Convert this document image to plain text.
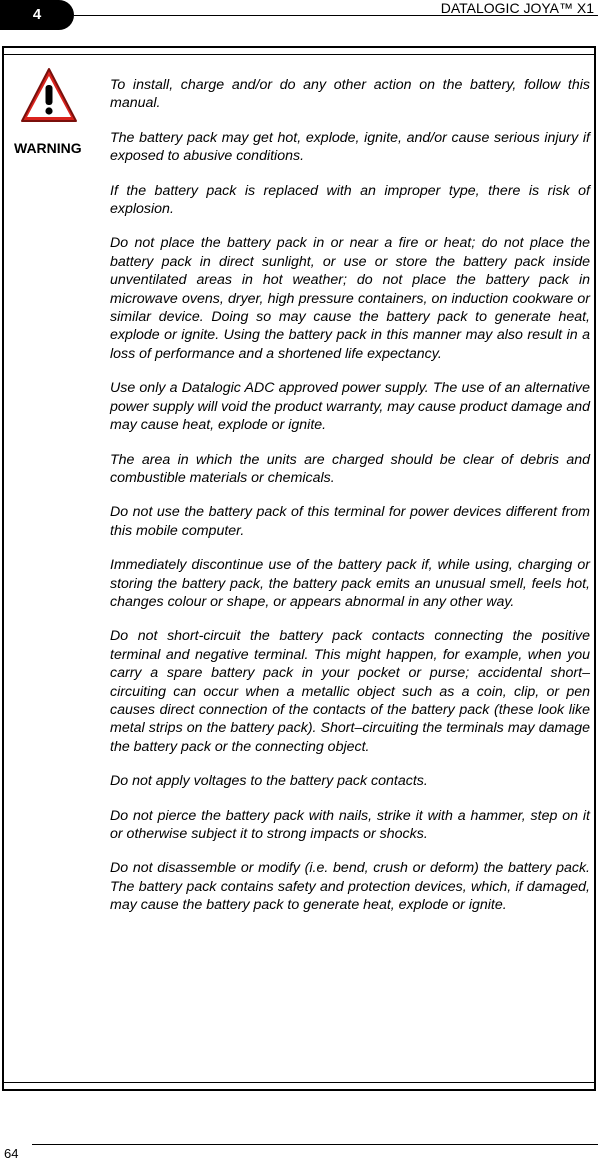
4	DATALOGIC JOYA™ X1
WARNING

To install, charge and/or do any other action on the battery, follow this manual.

The battery pack may get hot, explode, ignite, and/or cause serious injury if exposed to abusive conditions.

If the battery pack is replaced with an improper type, there is risk of explosion.

Do not place the battery pack in or near a fire or heat; do not place the battery pack in direct sunlight, or use or store the battery pack inside unventilated areas in hot weather; do not place the battery pack in microwave ovens, dryer, high pressure containers, on induction cookware or similar device. Doing so may cause the battery pack to generate heat, explode or ignite. Using the battery pack in this manner may also result in a loss of performance and a shortened life expectancy.

Use only a Datalogic ADC approved power supply. The use of an alternative power supply will void the product warranty, may cause product damage and may cause heat, explode or ignite.

The area in which the units are charged should be clear of debris and combustible materials or chemicals.

Do not use the battery pack of this terminal for power devices different from this mobile computer.

Immediately discontinue use of the battery pack if, while using, charging or storing the battery pack, the battery pack emits an unusual smell, feels hot, changes colour or shape, or appears abnormal in any other way.

Do not short-circuit the battery pack contacts connecting the positive terminal and negative terminal. This might happen, for example, when you carry a spare battery pack in your pocket or purse; accidental short–circuiting can occur when a metallic object such as a coin, clip, or pen causes direct connection of the contacts of the battery pack (these look like metal strips on the battery pack). Short–circuiting the terminals may damage the battery pack or the connecting object.

Do not apply voltages to the battery pack contacts.

Do not pierce the battery pack with nails, strike it with a hammer, step on it or otherwise subject it to strong impacts or shocks.

Do not disassemble or modify (i.e. bend, crush or deform) the battery pack. The battery pack contains safety and protection devices, which, if damaged, may cause the battery pack to generate heat, explode or ignite.

64
